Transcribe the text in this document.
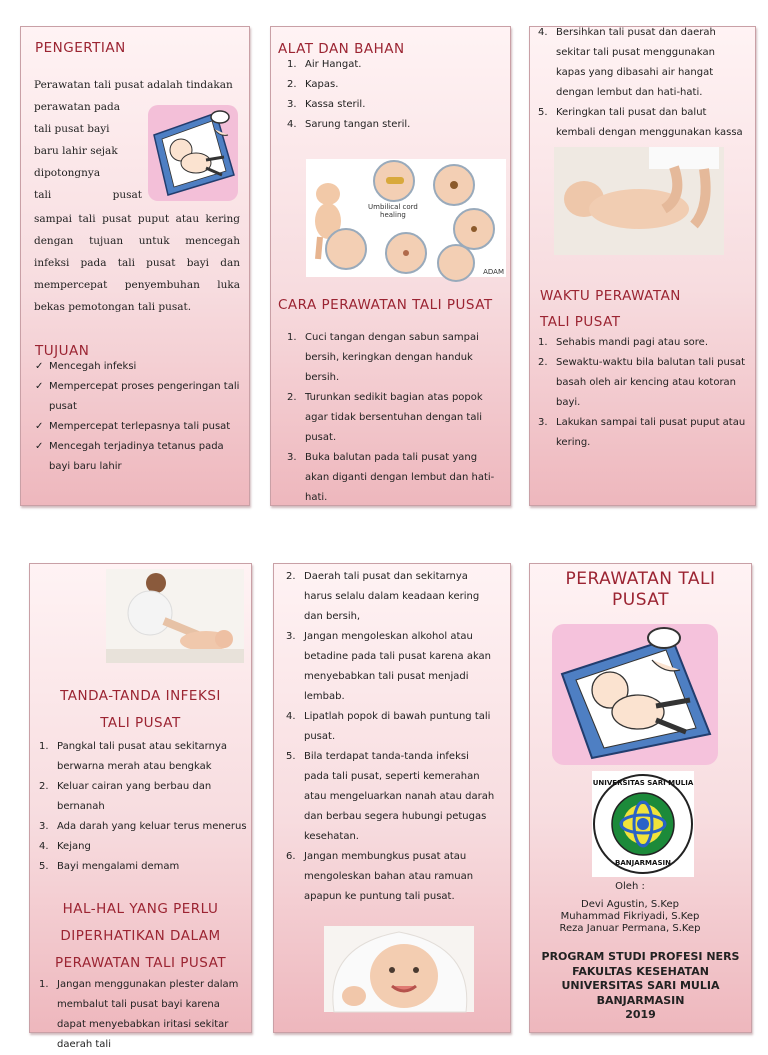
PENGERTIAN
Perawatan tali pusat adalah tindakan
perawatan pada
tali pusat bayi
baru lahir sejak
dipotongnya
tali pusat
sampai tali pusat puput atau kering dengan tujuan untuk mencegah infeksi pada tali pusat bayi dan mempercepat penyembuhan luka bekas pemotongan tali pusat.
TUJUAN
✓ Mencegah infeksi
✓ Mempercepat proses pengeringan tali pusat
✓ Mempercepat terlepasnya tali pusat
✓ Mencegah terjadinya tetanus pada bayi baru lahir
ALAT DAN BAHAN
1. Air Hangat.
2. Kapas.
3. Kassa steril.
4. Sarung tangan steril.
Umbilical cord
healing
ADAM
CARA PERAWATAN TALI PUSAT
1. Cuci tangan dengan sabun sampai bersih, keringkan dengan handuk bersih.
2. Turunkan sedikit bagian atas popok agar tidak bersentuhan dengan tali pusat.
3. Buka balutan pada tali pusat yang akan diganti dengan lembut dan hati-hati.
4. Bersihkan tali pusat dan daerah sekitar tali pusat menggunakan kapas yang dibasahi air hangat dengan lembut dan hati-hati.
5. Keringkan tali pusat dan balut kembali dengan menggunakan kassa
WAKTU PERAWATAN
TALI PUSAT
1. Sehabis mandi pagi atau sore.
2. Sewaktu-waktu bila balutan tali pusat basah oleh air kencing atau kotoran bayi.
3. Lakukan sampai tali pusat puput atau kering.
TANDA-TANDA INFEKSI
TALI PUSAT
1. Pangkal tali pusat atau sekitarnya berwarna merah atau bengkak
2. Keluar cairan yang berbau dan bernanah
3. Ada darah yang keluar terus menerus
4. Kejang
5. Bayi mengalami demam
HAL-HAL YANG PERLU
DIPERHATIKAN DALAM
PERAWATAN TALI PUSAT
1. Jangan menggunakan plester dalam membalut tali pusat bayi karena dapat menyebabkan iritasi sekitar daerah tali
2. Daerah tali pusat dan sekitarnya harus selalu dalam keadaan kering dan bersih,
3. Jangan mengoleskan alkohol atau betadine pada tali pusat karena akan menyebabkan tali pusat menjadi lembab.
4. Lipatlah popok di bawah puntung tali pusat.
5. Bila terdapat tanda-tanda infeksi pada tali pusat, seperti kemerahan atau mengeluarkan nanah atau darah dan berbau segera hubungi petugas kesehatan.
6. Jangan membungkus pusat atau mengoleskan bahan atau ramuan apapun ke puntung tali pusat.
PERAWATAN TALI
PUSAT
UNIVERSITAS SARI MULIA
BANJARMASIN
Oleh :
Devi Agustin, S.Kep
Muhammad Fikriyadi, S.Kep
Reza Januar Permana, S.Kep
PROGRAM STUDI PROFESI NERS
FAKULTAS KESEHATAN
UNIVERSITAS SARI MULIA
BANJARMASIN
2019
